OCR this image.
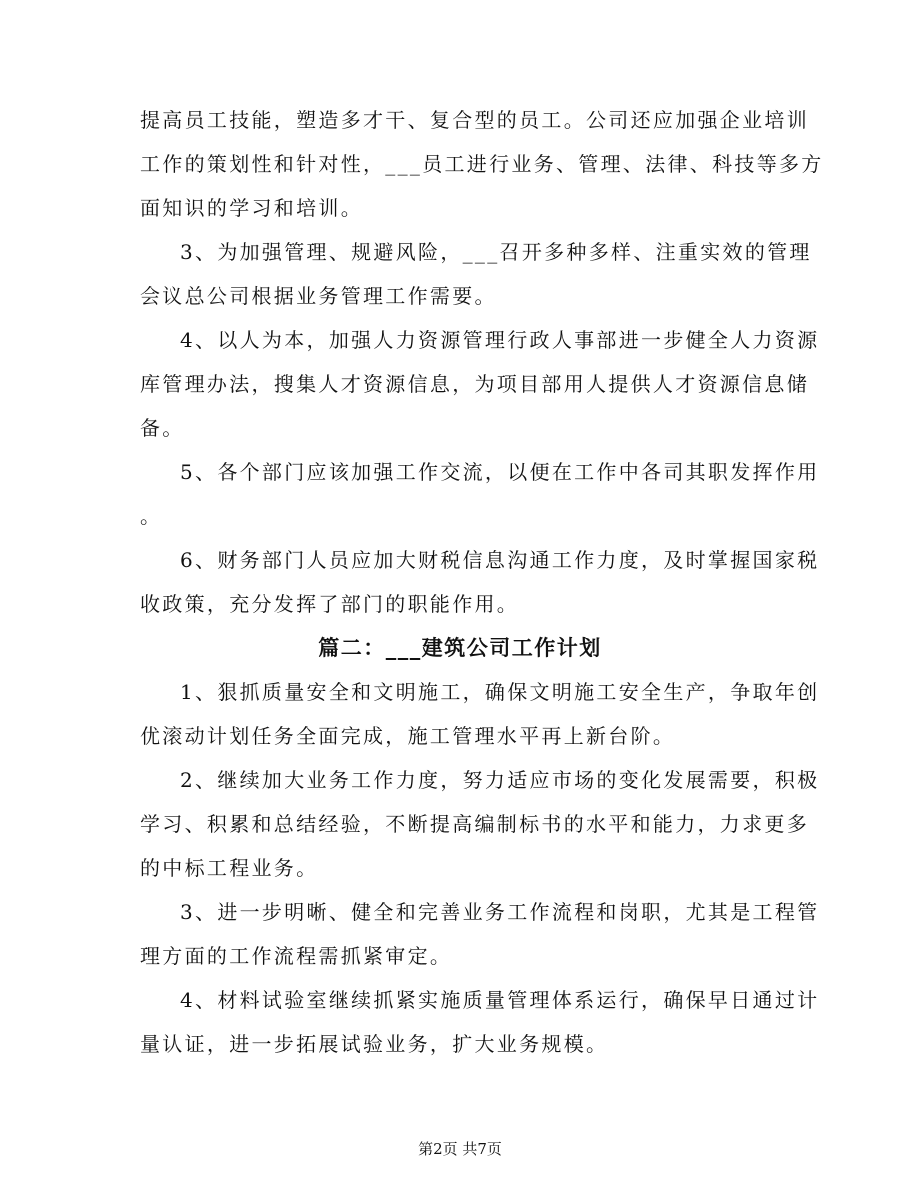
提高员工技能，塑造多才干、复合型的员工。公司还应加强企业培训
工作的策划性和针对性，___员工进行业务、管理、法律、科技等多方
面知识的学习和培训。
3、为加强管理、规避风险，___召开多种多样、注重实效的管理
会议总公司根据业务管理工作需要。
4、以人为本，加强人力资源管理行政人事部进一步健全人力资源
库管理办法，搜集人才资源信息，为项目部用人提供人才资源信息储
备。
5、各个部门应该加强工作交流，以便在工作中各司其职发挥作用
。
6、财务部门人员应加大财税信息沟通工作力度，及时掌握国家税
收政策，充分发挥了部门的职能作用。
篇二：___建筑公司工作计划
1、狠抓质量安全和文明施工，确保文明施工安全生产，争取年创
优滚动计划任务全面完成，施工管理水平再上新台阶。
2、继续加大业务工作力度，努力适应市场的变化发展需要，积极
学习、积累和总结经验，不断提高编制标书的水平和能力，力求更多
的中标工程业务。
3、进一步明晰、健全和完善业务工作流程和岗职，尤其是工程管
理方面的工作流程需抓紧审定。
4、材料试验室继续抓紧实施质量管理体系运行，确保早日通过计
量认证，进一步拓展试验业务，扩大业务规模。
第2页 共7页
